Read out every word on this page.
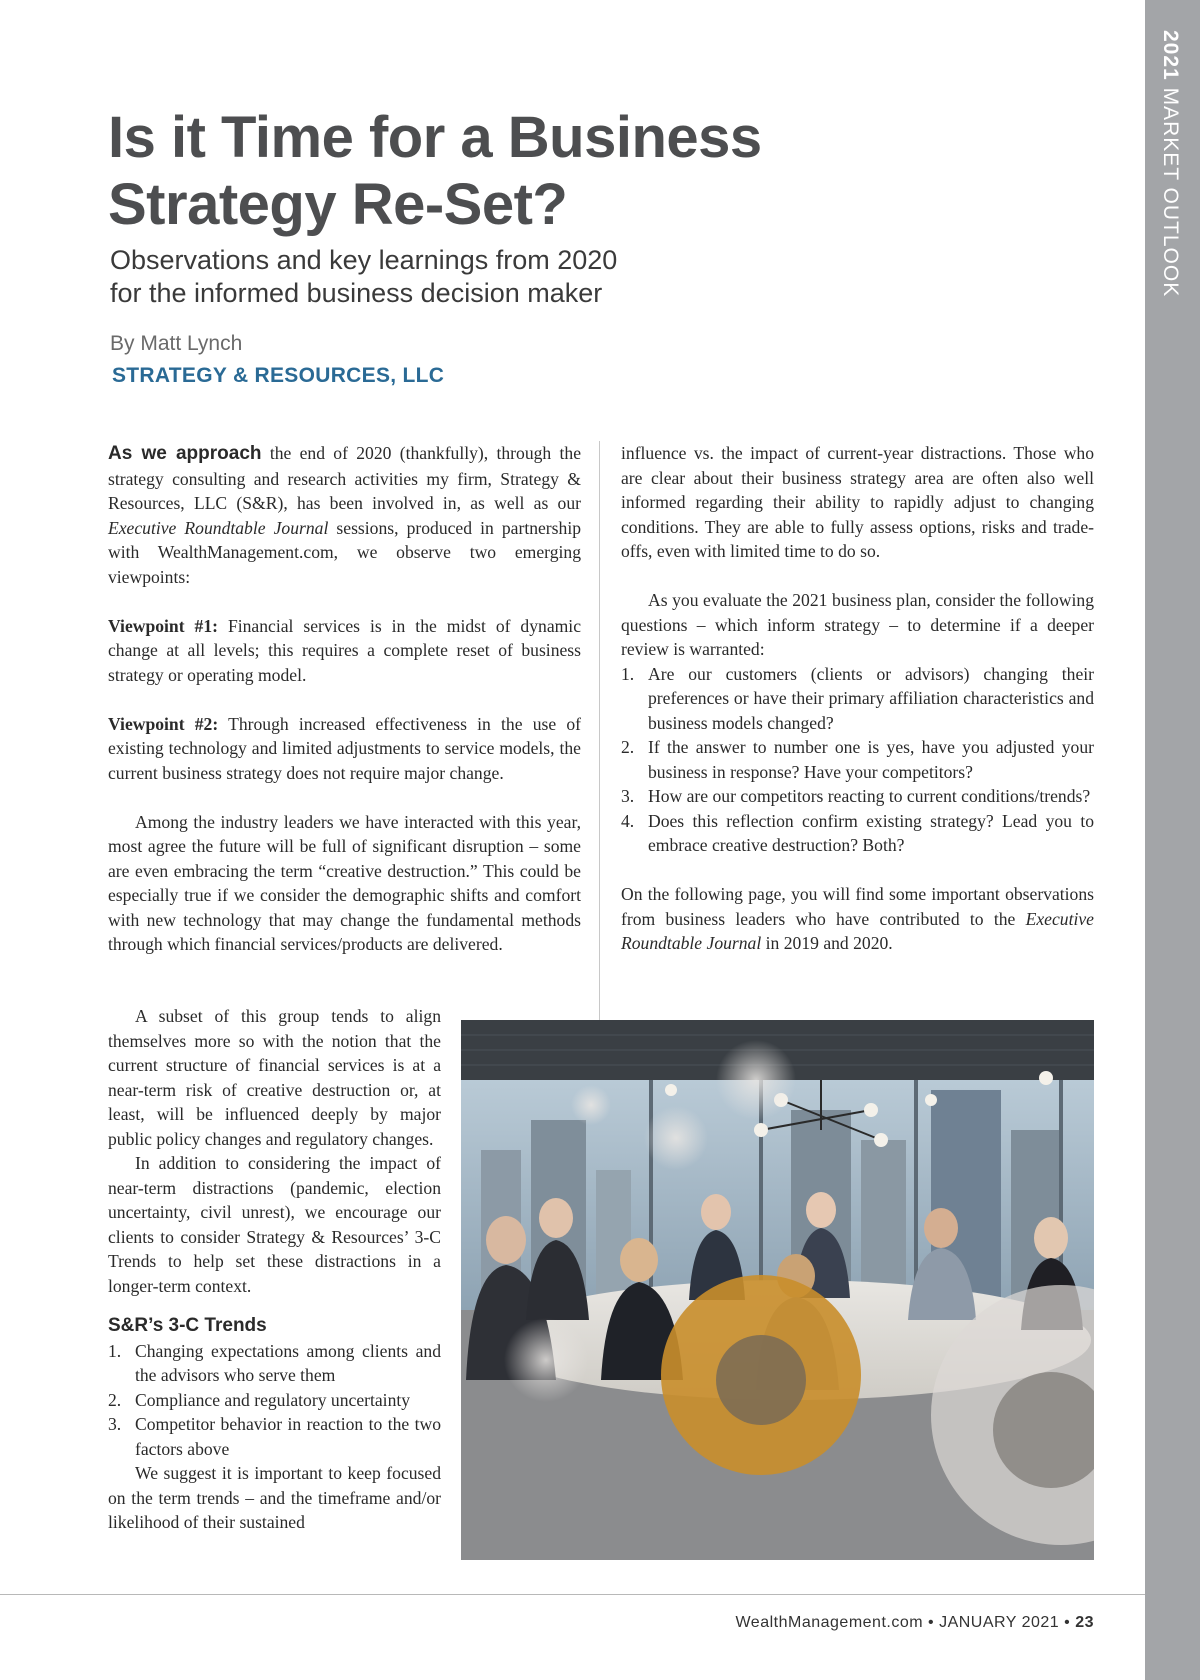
2021 MARKET OUTLOOK
Is it Time for a Business
Strategy Re-Set?

Observations and key learnings from 2020
for the informed business decision maker

By Matt Lynch
STRATEGY & RESOURCES, LLC

As we approach the end of 2020 (thankfully), through the strategy consulting and research activities my firm, Strategy & Resources, LLC (S&R), has been involved in, as well as our Executive Roundtable Journal sessions, produced in partnership with WealthManagement.com, we observe two emerging viewpoints:

Viewpoint #1: Financial services is in the midst of dynamic change at all levels; this requires a complete reset of business strategy or operating model.

Viewpoint #2: Through increased effectiveness in the use of existing technology and limited adjustments to service models, the current business strategy does not require major change.

Among the industry leaders we have interacted with this year, most agree the future will be full of significant disruption – some are even embracing the term “creative destruction.” This could be especially true if we consider the demographic shifts and comfort with new technology that may change the fundamental methods through which financial services/products are delivered.

A subset of this group tends to align themselves more so with the notion that the current structure of financial services is at a near-term risk of creative destruction or, at least, will be influenced deeply by major public policy changes and regulatory changes.

In addition to considering the impact of near-term distractions (pandemic, election uncertainty, civil unrest), we encourage our clients to consider Strategy & Resources’ 3-C Trends to help set these distractions in a longer-term context.

S&R’s 3-C Trends

1. Changing expectations among clients and the advisors who serve them
2. Compliance and regulatory uncertainty
3. Competitor behavior in reaction to the two factors above

We suggest it is important to keep focused on the term trends – and the timeframe and/or likelihood of their sustained

influence vs. the impact of current-year distractions. Those who are clear about their business strategy area are often also well informed regarding their ability to rapidly adjust to changing conditions. They are able to fully assess options, risks and trade-offs, even with limited time to do so.

As you evaluate the 2021 business plan, consider the following questions – which inform strategy – to determine if a deeper review is warranted:

1. Are our customers (clients or advisors) changing their preferences or have their primary affiliation characteristics and business models changed?
2. If the answer to number one is yes, have you adjusted your business in response? Have your competitors?
3. How are our competitors reacting to current conditions/trends?
4. Does this reflection confirm existing strategy? Lead you to embrace creative destruction? Both?

On the following page, you will find some important observations from business leaders who have contributed to the Executive Roundtable Journal in 2019 and 2020.

WealthManagement.com • JANUARY 2021 • 23
